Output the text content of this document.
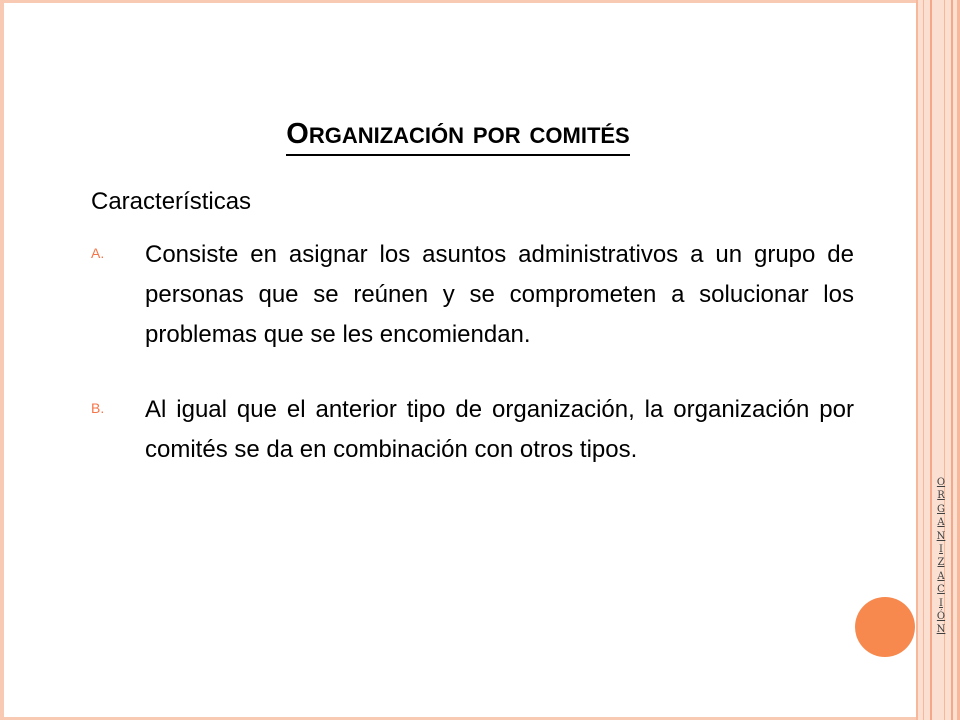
O
R
G
A
N
I
Z
A
C
I
Ó
N
ORGANIZACIÓN POR COMITÉS
Características
A. Consiste en asignar los asuntos administrativos a un grupo de personas que se reúnen y se comprometen a solucionar los problemas que se les encomiendan.
B. Al igual que el anterior tipo de organización, la organización por comités se da en combinación con otros tipos.
